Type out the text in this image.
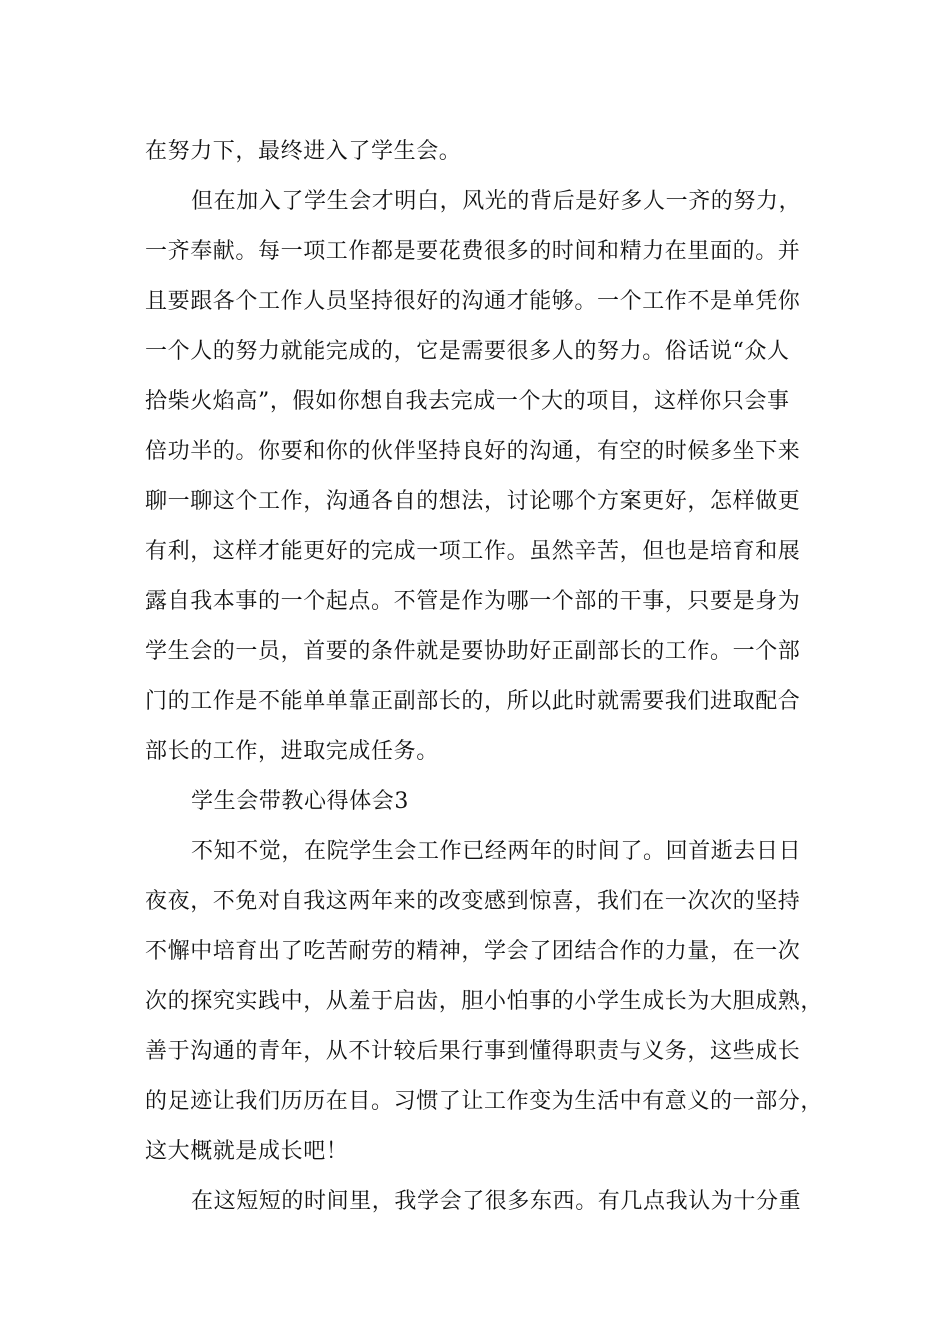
在努力下，最终进入了学生会。
但在加入了学生会才明白，风光的背后是好多人一齐的努力，
一齐奉献。每一项工作都是要花费很多的时间和精力在里面的。并
且要跟各个工作人员坚持很好的沟通才能够。一个工作不是单凭你
一个人的努力就能完成的，它是需要很多人的努力。俗话说“众人
拾柴火焰高”，假如你想自我去完成一个大的项目，这样你只会事
倍功半的。你要和你的伙伴坚持良好的沟通，有空的时候多坐下来
聊一聊这个工作，沟通各自的想法，讨论哪个方案更好，怎样做更
有利，这样才能更好的完成一项工作。虽然辛苦，但也是培育和展
露自我本事的一个起点。不管是作为哪一个部的干事，只要是身为
学生会的一员，首要的条件就是要协助好正副部长的工作。一个部
门的工作是不能单单靠正副部长的，所以此时就需要我们进取配合
部长的工作，进取完成任务。
学生会带教心得体会3
不知不觉，在院学生会工作已经两年的时间了。回首逝去日日
夜夜，不免对自我这两年来的改变感到惊喜，我们在一次次的坚持
不懈中培育出了吃苦耐劳的精神，学会了团结合作的力量，在一次
次的探究实践中，从羞于启齿，胆小怕事的小学生成长为大胆成熟，
善于沟通的青年，从不计较后果行事到懂得职责与义务，这些成长
的足迹让我们历历在目。习惯了让工作变为生活中有意义的一部分，
这大概就是成长吧！
在这短短的时间里，我学会了很多东西。有几点我认为十分重
